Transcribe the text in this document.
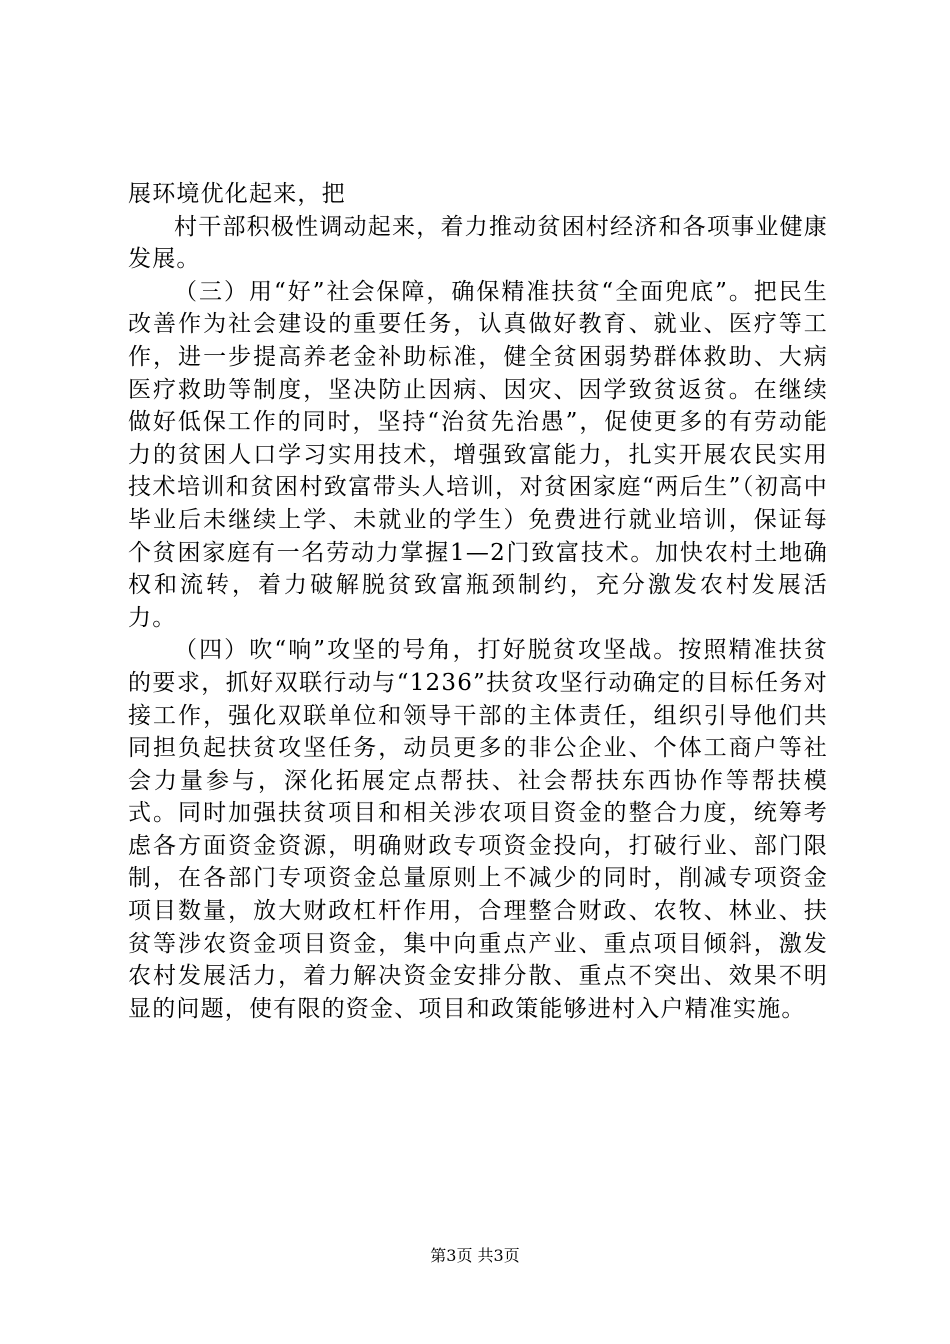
展环境优化起来，把

村干部积极性调动起来，着力推动贫困村经济和各项事业健康发展。

（三）用“好”社会保障，确保精准扶贫“全面兜底”。把民生改善作为社会建设的重要任务，认真做好教育、就业、医疗等工作，进一步提高养老金补助标准，健全贫困弱势群体救助、大病医疗救助等制度，坚决防止因病、因灾、因学致贫返贫。在继续做好低保工作的同时，坚持“治贫先治愚”，促使更多的有劳动能力的贫困人口学习实用技术，增强致富能力，扎实开展农民实用技术培训和贫困村致富带头人培训，对贫困家庭“两后生”（初高中毕业后未继续上学、未就业的学生）免费进行就业培训，保证每个贫困家庭有一名劳动力掌握1—2门致富技术。加快农村土地确权和流转，着力破解脱贫致富瓶颈制约，充分激发农村发展活力。

（四）吹“响”攻坚的号角，打好脱贫攻坚战。按照精准扶贫的要求，抓好双联行动与“1236”扶贫攻坚行动确定的目标任务对接工作，强化双联单位和领导干部的主体责任，组织引导他们共同担负起扶贫攻坚任务，动员更多的非公企业、个体工商户等社会力量参与，深化拓展定点帮扶、社会帮扶东西协作等帮扶模式。同时加强扶贫项目和相关涉农项目资金的整合力度，统筹考虑各方面资金资源，明确财政专项资金投向，打破行业、部门限制，在各部门专项资金总量原则上不减少的同时，削减专项资金项目数量，放大财政杠杆作用，合理整合财政、农牧、林业、扶贫等涉农资金项目资金，集中向重点产业、重点项目倾斜，激发农村发展活力，着力解决资金安排分散、重点不突出、效果不明显的问题，使有限的资金、项目和政策能够进村入户精准实施。

第3页 共3页
